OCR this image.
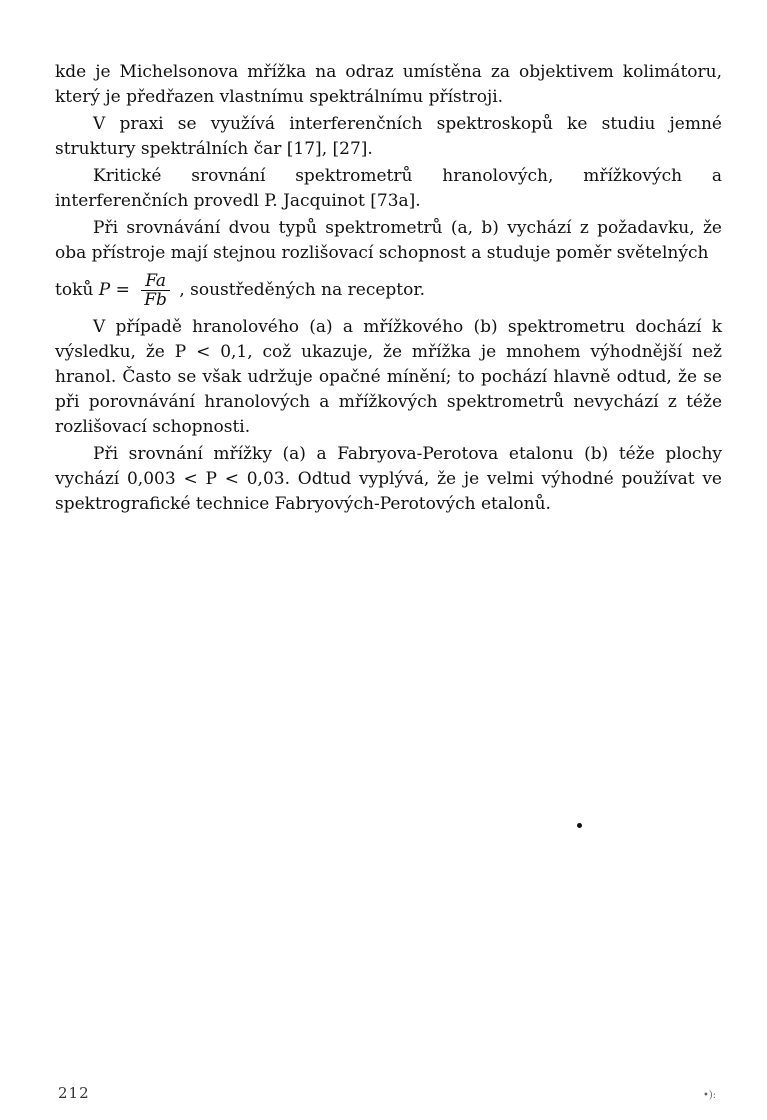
kde je Michelsonova mřížka na odraz umístěna za objektivem kolimátoru, který je předřazen vlastnímu spektrálnímu přístroji.

V praxi se využívá interferenčních spektroskopů ke studiu jemné struktury spektrálních čar [17], [27].

Kritické srovnání spektrometrů hranolových, mřížkových a interferenčních provedl P. Jacquinot [73a].

Při srovnávání dvou typů spektrometrů (a, b) vychází z požadavku, že oba přístroje mají stejnou rozlišovací schopnost a studuje poměr světelných

toků $P = \frac{Fa}{Fb}$ , soustředěných na receptor.

V případě hranolového (a) a mřížkového (b) spektrometru dochází k výsledku, že P < 0,1, což ukazuje, že mřížka je mnohem výhodnější než hranol. Často se však udržuje opačné mínění; to pochází hlavně odtud, že se při porovnávání hranolových a mřížkových spektrometrů nevychází z téže rozlišovací schopnosti.

Při srovnání mřížky (a) a Fabryova-Perotova etalonu (b) téže plochy vychází 0,003 < P < 0,03. Odtud vyplývá, že je velmi výhodné používat ve spektrografické technice Fabryových-Perotových etalonů.

212	•):
